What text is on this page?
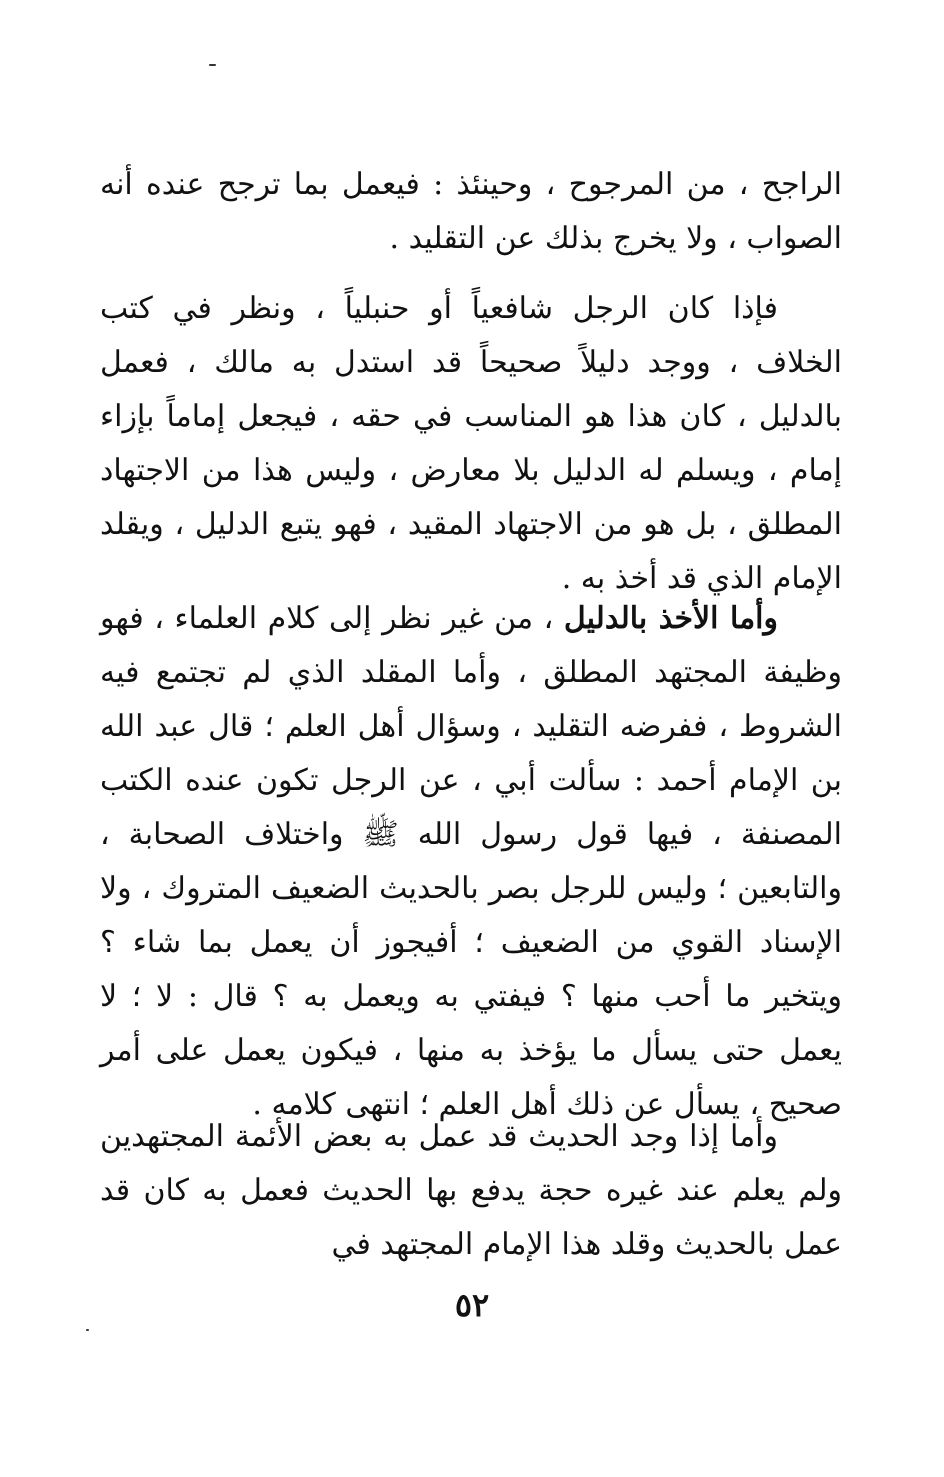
الراجح ، من المرجوح ، وحينئذ : فيعمل بما ترجح عنده أنه الصواب ، ولا يخرج بذلك عن التقليد .

فإذا كان الرجل شافعياً أو حنبلياً ، ونظر في كتب الخلاف ، ووجد دليلاً صحيحاً قد استدل به مالك ، فعمل بالدليل ، كان هذا هو المناسب في حقه ، فيجعل إماماً بإزاء إمام ، ويسلم له الدليل بلا معارض ، وليس هذا من الاجتهاد المطلق ، بل هو من الاجتهاد المقيد ، فهو يتبع الدليل ، ويقلد الإمام الذي قد أخذ به .

وأما الأخذ بالدليل ، من غير نظر إلى كلام العلماء ، فهو وظيفة المجتهد المطلق ، وأما المقلد الذي لم تجتمع فيه الشروط ، ففرضه التقليد ، وسؤال أهل العلم ؛ قال عبد الله بن الإمام أحمد : سألت أبي ، عن الرجل تكون عنده الكتب المصنفة ، فيها قول رسول الله ﷺ واختلاف الصحابة ، والتابعين ؛ وليس للرجل بصر بالحديث الضعيف المتروك ، ولا الإسناد القوي من الضعيف ؛ أفيجوز أن يعمل بما شاء ؟ ويتخير ما أحب منها ؟ فيفتي به ويعمل به ؟ قال : لا ؛ لا يعمل حتى يسأل ما يؤخذ به منها ، فيكون يعمل على أمر صحيح ، يسأل عن ذلك أهل العلم ؛ انتهى كلامه .

وأما إذا وجد الحديث قد عمل به بعض الأئمة المجتهدين ولم يعلم عند غيره حجة يدفع بها الحديث فعمل به كان قد عمل بالحديث وقلد هذا الإمام المجتهد في

٥٢
